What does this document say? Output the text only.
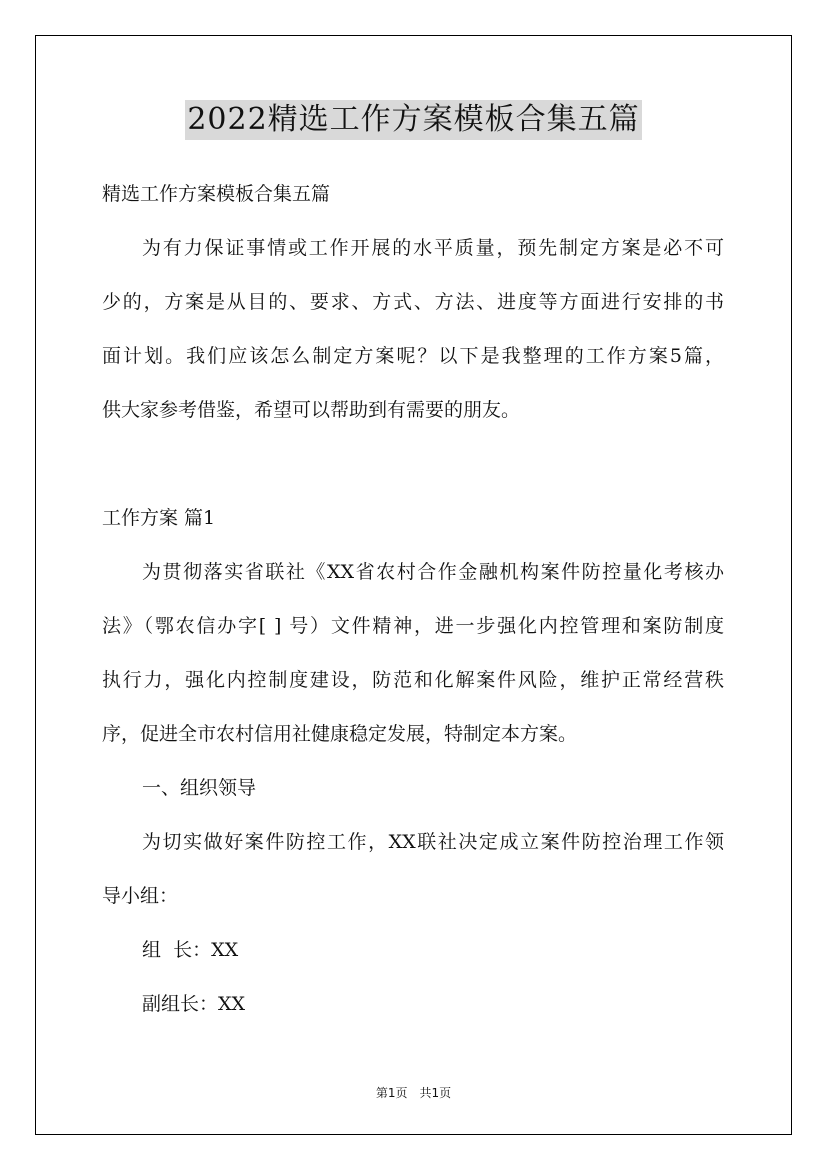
2022精选工作方案模板合集五篇
精选工作方案模板合集五篇
为有力保证事情或工作开展的水平质量，预先制定方案是必不可
少的，方案是从目的、要求、方式、方法、进度等方面进行安排的书
面计划。我们应该怎么制定方案呢？以下是我整理的工作方案5篇，
供大家参考借鉴，希望可以帮助到有需要的朋友。
工作方案 篇1
为贯彻落实省联社《XX省农村合作金融机构案件防控量化考核办
法》（鄂农信办字[ ] 号）文件精神，进一步强化内控管理和案防制度
执行力，强化内控制度建设，防范和化解案件风险，维护正常经营秩
序，促进全市农村信用社健康稳定发展，特制定本方案。
一、组织领导
为切实做好案件防控工作，XX联社决定成立案件防控治理工作领
导小组：
组  长：XX
副组长：XX
第1页 共1页
